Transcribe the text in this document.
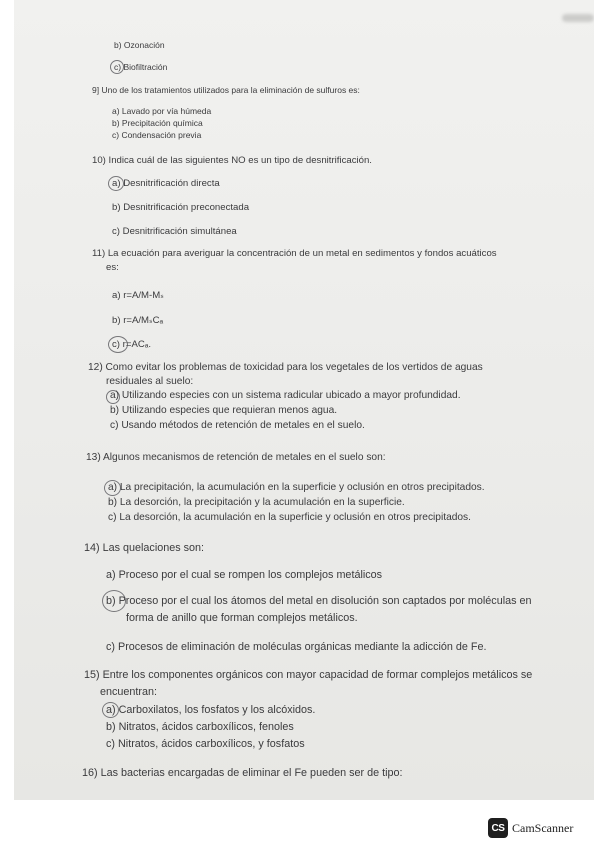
b) Ozonación
c) Biofiltración
9] Uno de los tratamientos utilizados para la eliminación de sulfuros es:
a) Lavado por vía húmeda
b) Precipitación química
c) Condensación previa
10) Indica cuál de las siguientes NO es un tipo de desnitrificación.
a) Desnitrificación directa
b) Desnitrificación preconectada
c) Desnitrificación simultánea
11) La ecuación para averiguar la concentración de un metal en sedimentos y fondos acuáticos
es:
a) r=A/M-Mₛ
b) r=A/MₛCₐ
c) r=ACₐ.
12) Como evitar los problemas de toxicidad para los vegetales de los vertidos de aguas
residuales al suelo:
a) Utilizando especies con un sistema radicular ubicado a mayor profundidad.
b) Utilizando especies que requieran menos agua.
c) Usando métodos de retención de metales en el suelo.
13) Algunos mecanismos de retención de metales en el suelo son:
a) La precipitación, la acumulación en la superficie y oclusión en otros precipitados.
b) La desorción, la precipitación y la acumulación en la superficie.
c) La desorción, la acumulación en la superficie y oclusión en otros precipitados.
14) Las quelaciones son:
a) Proceso por el cual se rompen los complejos metálicos
b) Proceso por el cual los átomos del metal en disolución son captados por moléculas en
forma de anillo que forman complejos metálicos.
c) Procesos de eliminación de moléculas orgánicas mediante la adicción de Fe.
15) Entre los componentes orgánicos con mayor capacidad de formar complejos metálicos se
encuentran:
a) Carboxilatos, los fosfatos y los alcóxidos.
b) Nitratos, ácidos carboxílicos, fenoles
c) Nitratos, ácidos carboxílicos, y fosfatos
16) Las bacterias encargadas de eliminar el Fe pueden ser de tipo:
CS CamScanner
